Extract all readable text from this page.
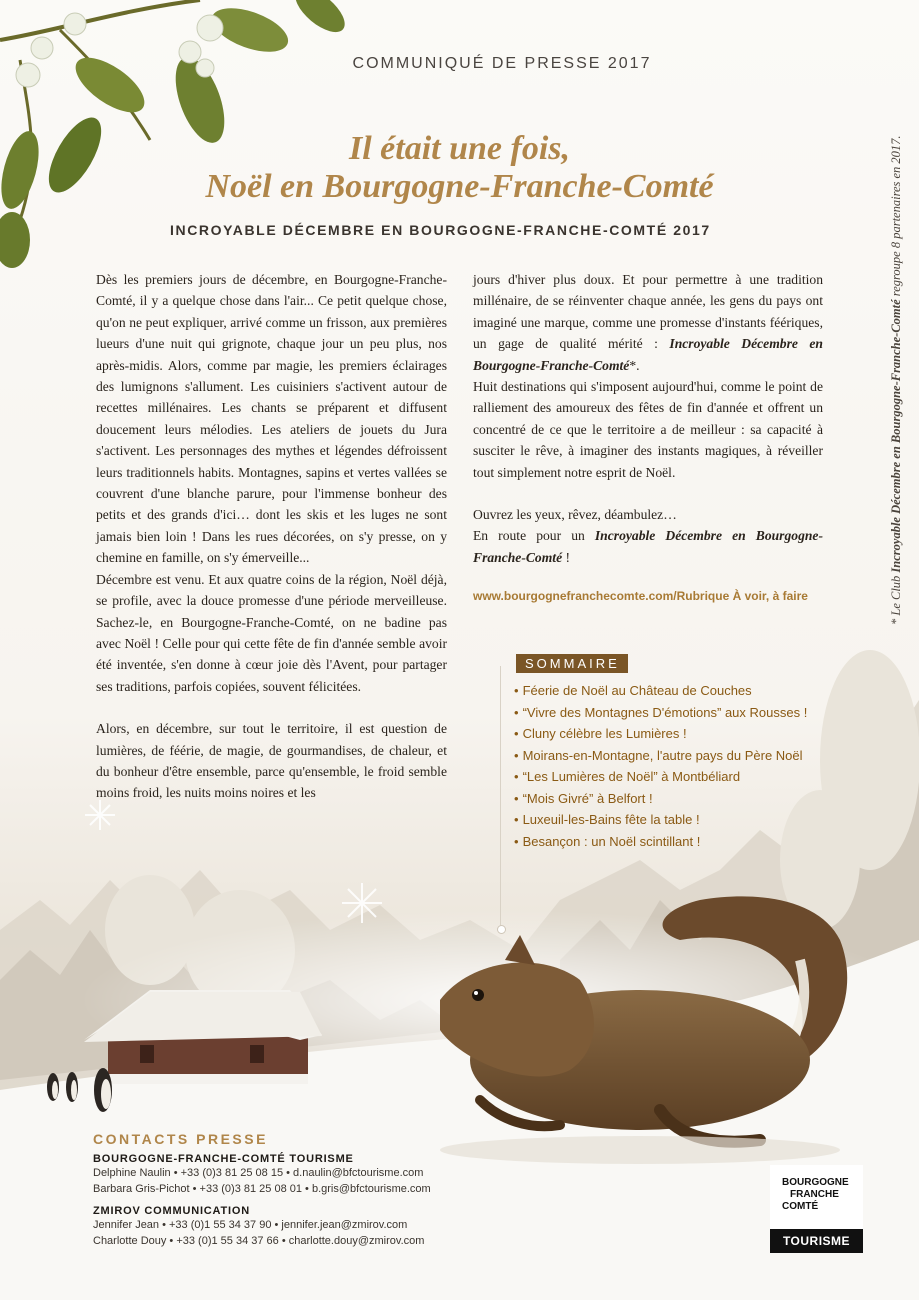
COMMUNIQUÉ DE PRESSE 2017
Il était une fois,
Noël en Bourgogne-Franche-Comté
INCROYABLE DÉCEMBRE EN BOURGOGNE-FRANCHE-COMTÉ 2017

Dès les premiers jours de décembre, en Bourgogne-Franche-Comté, il y a quelque chose dans l'air... Ce petit quelque chose, qu'on ne peut expliquer, arrivé comme un frisson, aux premières lueurs d'une nuit qui grignote, chaque jour un peu plus, nos après-midis. Alors, comme par magie, les premiers éclairages des lumignons s'allument. Les cuisiniers s'activent autour de recettes millénaires. Les chants se préparent et diffusent doucement leurs mélodies. Les ateliers de jouets du Jura s'activent. Les personnages des mythes et légendes défroissent leurs traditionnels habits. Montagnes, sapins et vertes vallées se couvrent d'une blanche parure, pour l'immense bonheur des petits et des grands d'ici… dont les skis et les luges ne sont jamais bien loin ! Dans les rues décorées, on s'y presse, on y chemine en famille, on s'y émerveille...

Décembre est venu. Et aux quatre coins de la région, Noël déjà, se profile, avec la douce promesse d'une période merveilleuse. Sachez-le, en Bourgogne-Franche-Comté, on ne badine pas avec Noël ! Celle pour qui cette fête de fin d'année semble avoir été inventée, s'en donne à cœur joie dès l'Avent, pour partager ses traditions, parfois copiées, souvent félicitées.

Alors, en décembre, sur tout le territoire, il est question de lumières, de féérie, de magie, de gourmandises, de chaleur, et du bonheur d'être ensemble, parce qu'ensemble, le froid semble moins froid, les nuits moins noires et les

jours d'hiver plus doux. Et pour permettre à une tradition millénaire, de se réinventer chaque année, les gens du pays ont imaginé une marque, comme une promesse d'instants féériques, un gage de qualité mérité : Incroyable Décembre en Bourgogne-Franche-Comté*.

Huit destinations qui s'imposent aujourd'hui, comme le point de ralliement des amoureux des fêtes de fin d'année et offrent un concentré de ce que le territoire a de meilleur : sa capacité à susciter le rêve, à imaginer des instants magiques, à réveiller tout simplement notre esprit de Noël.

Ouvrez les yeux, rêvez, déambulez…

En route pour un Incroyable Décembre en Bourgogne-Franche-Comté !

www.bourgognefranchecomte.com/Rubrique À voir, à faire
SOMMAIRE
• Féerie de Noël au Château de Couches
• “Vivre des Montagnes D'émotions” aux Rousses !
• Cluny célèbre les Lumières !
• Moirans-en-Montagne, l'autre pays du Père Noël
• “Les Lumières de Noël” à Montbéliard
• “Mois Givré” à Belfort !
• Luxeuil-les-Bains fête la table !
• Besançon : un Noël scintillant !
* Le Club Incroyable Décembre en Bourgogne-Franche-Comté regroupe 8 partenaires en 2017.
CONTACTS PRESSE
BOURGOGNE-FRANCHE-COMTÉ TOURISME
Delphine Naulin • +33 (0)3 81 25 08 15 • d.naulin@bfctourisme.com
Barbara Gris-Pichot • +33 (0)3 81 25 08 01 • b.gris@bfctourisme.com
ZMIROV COMMUNICATION
Jennifer Jean • +33 (0)1 55 34 37 90 • jennifer.jean@zmirov.com
Charlotte Douy • +33 (0)1 55 34 37 66 • charlotte.douy@zmirov.com
BOURGOGNE
FRANCHE
COMTÉ
TOURISME
